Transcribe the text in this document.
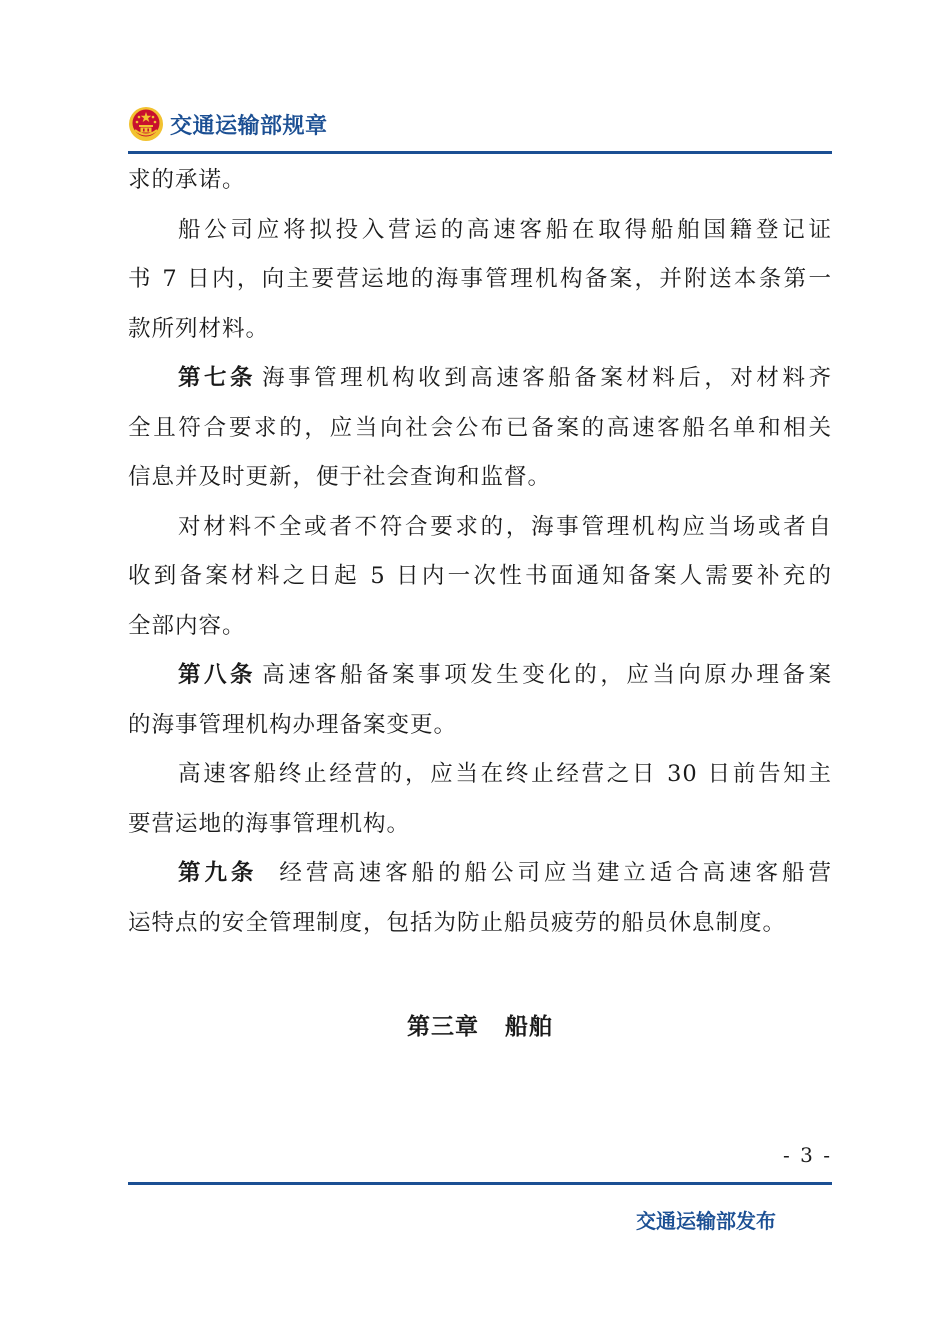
交通运输部规章
求的承诺。
船公司应将拟投入营运的高速客船在取得船舶国籍登记证
书 7 日内，向主要营运地的海事管理机构备案，并附送本条第一
款所列材料。
第七条 海事管理机构收到高速客船备案材料后，对材料齐
全且符合要求的，应当向社会公布已备案的高速客船名单和相关
信息并及时更新，便于社会查询和监督。
对材料不全或者不符合要求的，海事管理机构应当场或者自
收到备案材料之日起 5 日内一次性书面通知备案人需要补充的
全部内容。
第八条 高速客船备案事项发生变化的，应当向原办理备案
的海事管理机构办理备案变更。
高速客船终止经营的，应当在终止经营之日 30 日前告知主
要营运地的海事管理机构。
第九条 经营高速客船的船公司应当建立适合高速客船营
运特点的安全管理制度，包括为防止船员疲劳的船员休息制度。
第三章 船舶
- 3 -
交通运输部发布
